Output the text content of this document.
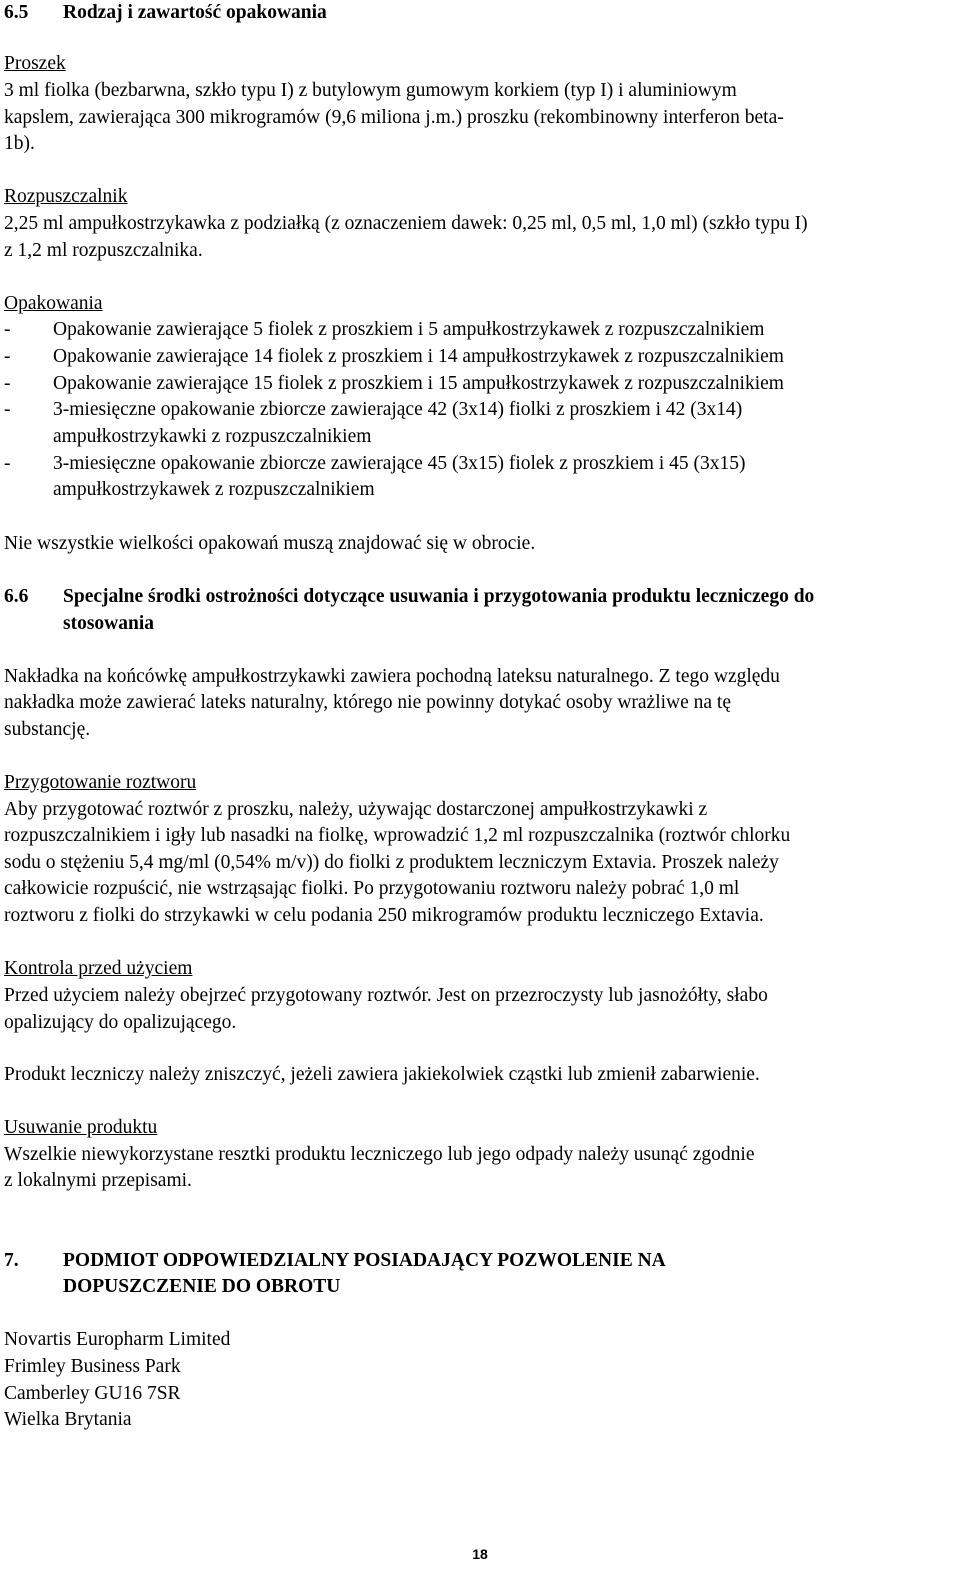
6.5 Rodzaj i zawartość opakowania
Proszek
3 ml fiolka (bezbarwna, szkło typu I) z butylowym gumowym korkiem (typ I) i aluminiowym
kapslem, zawierająca 300 mikrogramów (9,6 miliona j.m.) proszku (rekombinowny interferon beta-
1b).
Rozpuszczalnik
2,25 ml ampułkostrzykawka z podziałką (z oznaczeniem dawek: 0,25 ml, 0,5 ml, 1,0 ml) (szkło typu I)
z 1,2 ml rozpuszczalnika.
Opakowania
- Opakowanie zawierające 5 fiolek z proszkiem i 5 ampułkostrzykawek z rozpuszczalnikiem
- Opakowanie zawierające 14 fiolek z proszkiem i 14 ampułkostrzykawek z rozpuszczalnikiem
- Opakowanie zawierające 15 fiolek z proszkiem i 15 ampułkostrzykawek z rozpuszczalnikiem
- 3-miesięczne opakowanie zbiorcze zawierające 42 (3x14) fiolki z proszkiem i 42 (3x14)
ampułkostrzykawki z rozpuszczalnikiem
- 3-miesięczne opakowanie zbiorcze zawierające 45 (3x15) fiolek z proszkiem i 45 (3x15)
ampułkostrzykawek z rozpuszczalnikiem
Nie wszystkie wielkości opakowań muszą znajdować się w obrocie.
6.6 Specjalne środki ostrożności dotyczące usuwania i przygotowania produktu leczniczego do
stosowania
Nakładka na końcówkę ampułkostrzykawki zawiera pochodną lateksu naturalnego. Z tego względu
nakładka może zawierać lateks naturalny, którego nie powinny dotykać osoby wrażliwe na tę
substancję.
Przygotowanie roztworu
Aby przygotować roztwór z proszku, należy, używając dostarczonej ampułkostrzykawki z
rozpuszczalnikiem i igły lub nasadki na fiolkę, wprowadzić 1,2 ml rozpuszczalnika (roztwór chlorku
sodu o stężeniu 5,4 mg/ml (0,54% m/v)) do fiolki z produktem leczniczym Extavia. Proszek należy
całkowicie rozpuścić, nie wstrząsając fiolki. Po przygotowaniu roztworu należy pobrać 1,0 ml
roztworu z fiolki do strzykawki w celu podania 250 mikrogramów produktu leczniczego Extavia.
Kontrola przed użyciem
Przed użyciem należy obejrzeć przygotowany roztwór. Jest on przezroczysty lub jasnożółty, słabo
opalizujący do opalizującego.
Produkt leczniczy należy zniszczyć, jeżeli zawiera jakiekolwiek cząstki lub zmienił zabarwienie.
Usuwanie produktu
Wszelkie niewykorzystane resztki produktu leczniczego lub jego odpady należy usunąć zgodnie
z lokalnymi przepisami.
7. PODMIOT ODPOWIEDZIALNY POSIADAJĄCY POZWOLENIE NA
DOPUSZCZENIE DO OBROTU
Novartis Europharm Limited
Frimley Business Park
Camberley GU16 7SR
Wielka Brytania
18
